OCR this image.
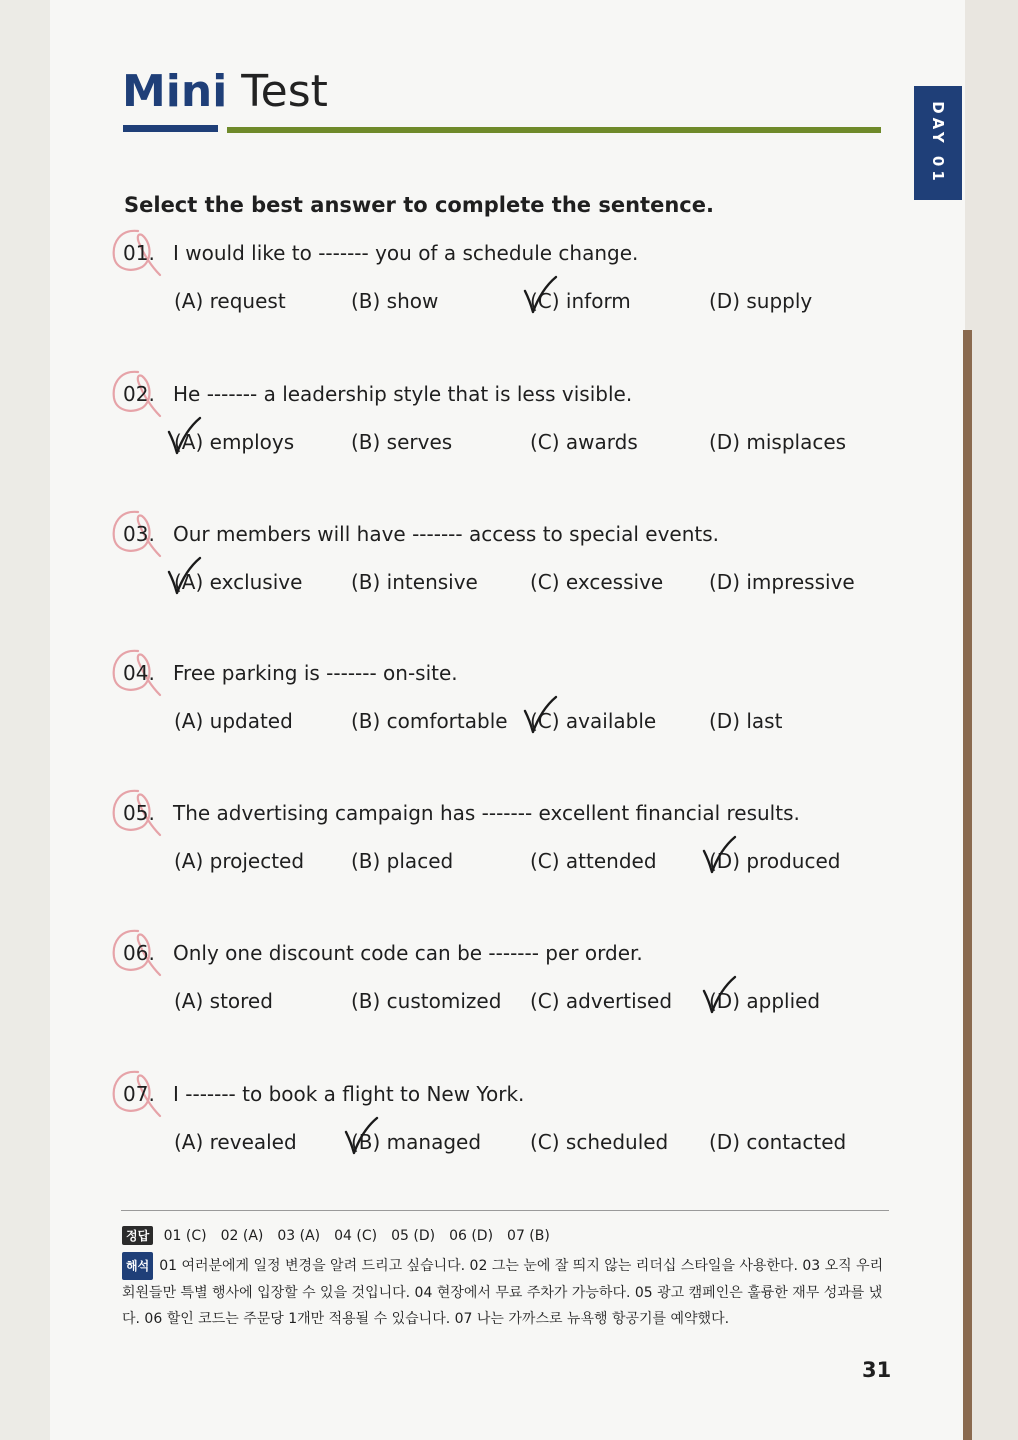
Mini Test
DAY 01
Select the best answer to complete the sentence.
01. I would like to ------- you of a schedule change.
(A) request	(B) show	(C) inform	(D) supply
02. He ------- a leadership style that is less visible.
(A) employs	(B) serves	(C) awards	(D) misplaces
03. Our members will have ------- access to special events.
(A) exclusive (B) intensive	(C) excessive (D) impressive
04. Free parking is ------- on-site.
(A) updated	(B) comfortable (C) available	(D) last
05. The advertising campaign has ------- excellent financial results.
(A) projected (B) placed	(C) attended	(D) produced
06. Only one discount code can be ------- per order.
(A) stored	(B) customized (C) advertised (D) applied
07. I ------- to book a flight to New York.
(A) revealed	(B) managed (C) scheduled (D) contacted
정답 01 (C) 02 (A) 03 (A) 04 (C) 05 (D) 06 (D) 07 (B)
해석 01 여러분에게 일정 변경을 알려 드리고 싶습니다. 02 그는 눈에 잘 띄지 않는 리더십 스타일을 사용한다. 03 오직 우리 회원들만 특별 행사에 입장할 수 있을 것입니다. 04 현장에서 무료 주차가 가능하다. 05 광고 캠페인은 훌륭한 재무 성과를 냈다. 06 할인 코드는 주문당 1개만 적용될 수 있습니다. 07 나는 가까스로 뉴욕행 항공기를 예약했다.
31
